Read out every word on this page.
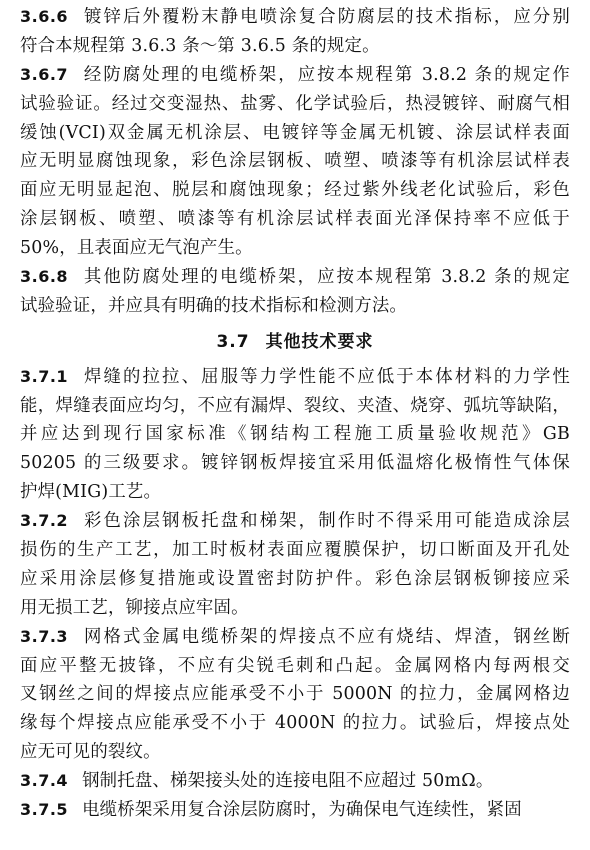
3.6.6 镀锌后外覆粉末静电喷涂复合防腐层的技术指标，应分别
符合本规程第 3.6.3 条～第 3.6.5 条的规定。
3.6.7 经防腐处理的电缆桥架，应按本规程第 3.8.2 条的规定作
试验验证。经过交变湿热、盐雾、化学试验后，热浸镀锌、耐腐气相
缓蚀(VCI)双金属无机涂层、电镀锌等金属无机镀、涂层试样表面
应无明显腐蚀现象，彩色涂层钢板、喷塑、喷漆等有机涂层试样表
面应无明显起泡、脱层和腐蚀现象；经过紫外线老化试验后，彩色
涂层钢板、喷塑、喷漆等有机涂层试样表面光泽保持率不应低于
50%，且表面应无气泡产生。
3.6.8 其他防腐处理的电缆桥架，应按本规程第 3.8.2 条的规定
试验验证，并应具有明确的技术指标和检测方法。
3.7 其他技术要求
3.7.1 焊缝的拉拉、屈服等力学性能不应低于本体材料的力学性
能，焊缝表面应均匀，不应有漏焊、裂纹、夹渣、烧穿、弧坑等缺陷，
并应达到现行国家标准《钢结构工程施工质量验收规范》GB
50205 的三级要求。镀锌钢板焊接宜采用低温熔化极惰性气体保
护焊(MIG)工艺。
3.7.2 彩色涂层钢板托盘和梯架，制作时不得采用可能造成涂层
损伤的生产工艺，加工时板材表面应覆膜保护，切口断面及开孔处
应采用涂层修复措施或设置密封防护件。彩色涂层钢板铆接应采
用无损工艺，铆接点应牢固。
3.7.3 网格式金属电缆桥架的焊接点不应有烧结、焊渣，钢丝断
面应平整无披锋，不应有尖锐毛刺和凸起。金属网格内每两根交
叉钢丝之间的焊接点应能承受不小于 5000N 的拉力，金属网格边
缘每个焊接点应能承受不小于 4000N 的拉力。试验后，焊接点处
应无可见的裂纹。
3.7.4 钢制托盘、梯架接头处的连接电阻不应超过 50mΩ。
3.7.5 电缆桥架采用复合涂层防腐时，为确保电气连续性，紧固
